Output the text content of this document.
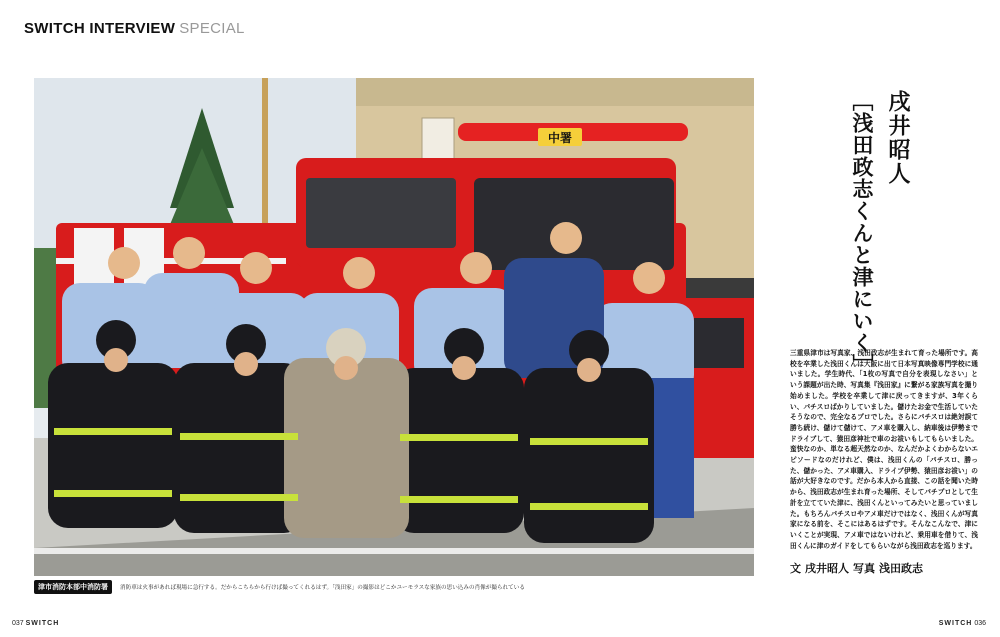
SWITCH INTERVIEW SPECIAL
中署	戌井昭人
［浅田政志くんと津にいく］
三重県津市は写真家、浅田政志が生まれて育った場所です。高校を卒業した浅田くんは大阪に出て日本写真映像専門学校に通いました。学生時代、「1枚の写真で自分を表現しなさい」という課題が出た時、写真集『浅田家』に繋がる家族写真を撮り始めました。学校を卒業して津に戻ってきますが、3年くらい、パチスロばかりしていました。儲けたお金で生活していたそうなので、完全なるプロでした。さらにパチスロは絶対誤て勝ち続け、儲けて儲けて、アメ車を購入し、納車後は伊勢までドライブして、猿田彦神社で車のお祓いもしてもらいました。蛮快なのか、単なる超天然なのか、なんだかよくわからないエピソードなのだけれど、僕は、浅田くんの「パチスロ、勝った、儲かった、アメ車購入、ドライブ伊勢、猿田彦お祓い」の話が大好きなのです。だから本人から直接、この話を聞いた時から、浅田政志が生まれ育った場所、そしてパチプロとして生計を立てていた津に、浅田くんといってみたいと思っていました。もちろんパチスロやアメ車だけではなく、浅田くんが写真家になる前を、そこにはあるはずです。そんなこんなで、津にいくことが実現、アメ車ではないけれど、乗用車を借りて、浅田くんに津のガイドをしてもらいながら浅田政志を巡ります。
文 戌井昭人 写真 浅田政志
津市消防本部中消防署	消防車は火事があれば現場に急行する。だからこちらから行けば撮ってくれるはず。「浅田家」の撮影はどこかユーモラスな家族の思い込みの肖像が撮られている
037 SWITCH	SWITCH 036
